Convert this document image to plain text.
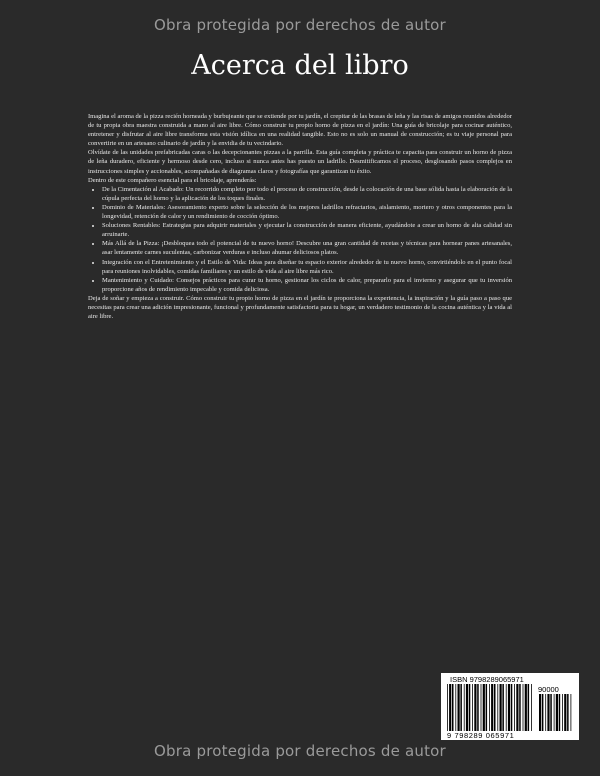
Obra protegida por derechos de autor
Acerca del libro

Imagina el aroma de la pizza recién horneada y burbujeante que se extiende por tu jardín, el crepitar de las brasas de leña y las risas de amigos reunidos alrededor de tu propia obra maestra construida a mano al aire libre. Cómo construir tu propio horno de pizza en el jardín: Una guía de bricolaje para cocinar auténtico, entretener y disfrutar al aire libre transforma esta visión idílica en una realidad tangible. Esto no es solo un manual de construcción; es tu viaje personal para convertirte en un artesano culinario de jardín y la envidia de tu vecindario.

Olvídate de las unidades prefabricadas caras o las decepcionantes pizzas a la parrilla. Esta guía completa y práctica te capacita para construir un horno de pizza de leña duradero, eficiente y hermoso desde cero, incluso si nunca antes has puesto un ladrillo. Desmitificamos el proceso, desglosando pasos complejos en instrucciones simples y accionables, acompañadas de diagramas claros y fotografías que garantizan tu éxito.

Dentro de este compañero esencial para el bricolaje, aprenderás:

• De la Cimentación al Acabado: Un recorrido completo por todo el proceso de construcción, desde la colocación de una base sólida hasta la elaboración de la cúpula perfecta del horno y la aplicación de los toques finales.
• Dominio de Materiales: Asesoramiento experto sobre la selección de los mejores ladrillos refractarios, aislamiento, mortero y otros componentes para la longevidad, retención de calor y un rendimiento de cocción óptimo.
• Soluciones Rentables: Estrategias para adquirir materiales y ejecutar la construcción de manera eficiente, ayudándote a crear un horno de alta calidad sin arruinarte.
• Más Allá de la Pizza: ¡Desbloquea todo el potencial de tu nuevo horno! Descubre una gran cantidad de recetas y técnicas para hornear panes artesanales, asar lentamente carnes suculentas, carbonizar verduras e incluso ahumar deliciosos platos.
• Integración con el Entretenimiento y el Estilo de Vida: Ideas para diseñar tu espacio exterior alrededor de tu nuevo horno, convirtiéndolo en el punto focal para reuniones inolvidables, comidas familiares y un estilo de vida al aire libre más rico.
• Mantenimiento y Cuidado: Consejos prácticos para curar tu horno, gestionar los ciclos de calor, prepararlo para el invierno y asegurar que tu inversión proporcione años de rendimiento impecable y comida deliciosa.

Deja de soñar y empieza a construir. Cómo construir tu propio horno de pizza en el jardín te proporciona la experiencia, la inspiración y la guía paso a paso que necesitas para crear una adición impresionante, funcional y profundamente satisfactoria para tu hogar, un verdadero testimonio de la cocina auténtica y la vida al aire libre.

ISBN 9798289065971
90000
9 798289 065971
Obra protegida por derechos de autor
